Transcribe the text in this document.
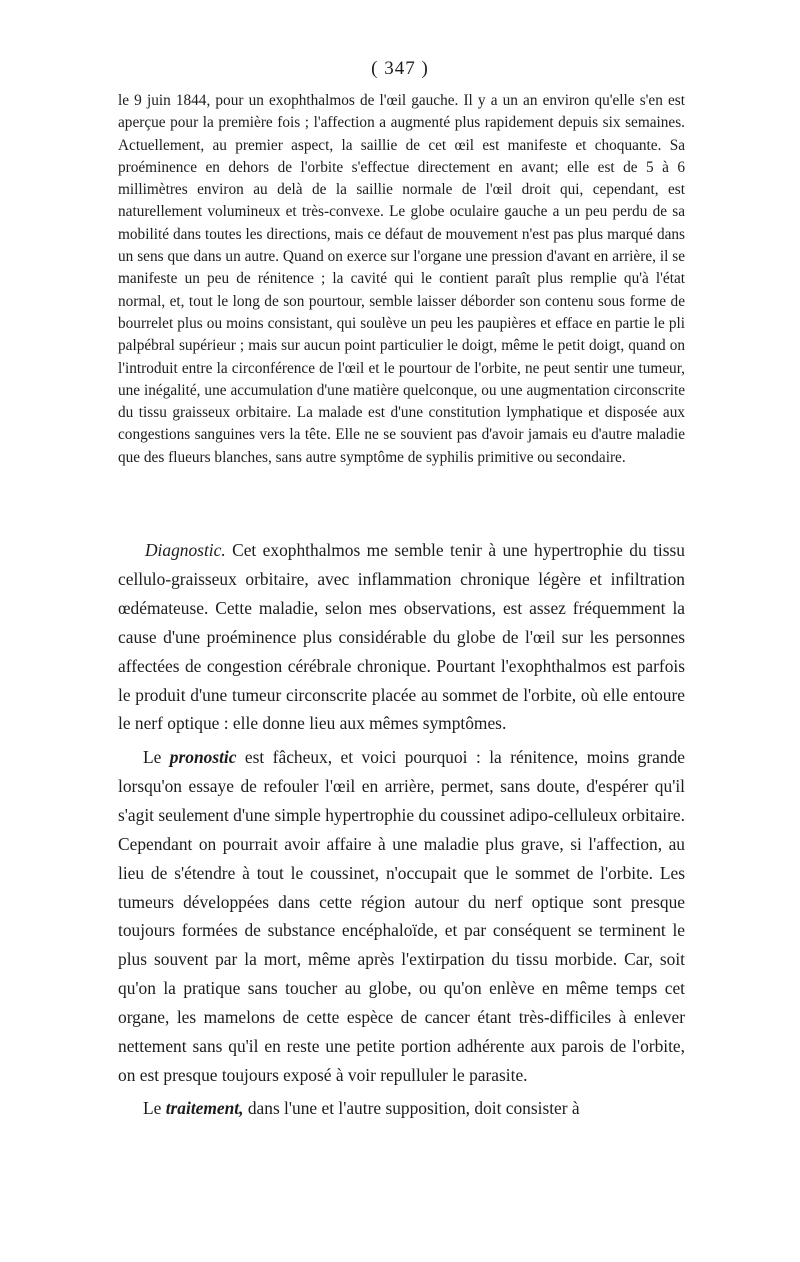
( 347 )

le 9 juin 1844, pour un exophthalmos de l'œil gauche. Il y a un an environ qu'elle s'en est aperçue pour la première fois ; l'affection a augmenté plus rapidement depuis six semaines. Actuellement, au premier aspect, la saillie de cet œil est manifeste et choquante. Sa proéminence en dehors de l'orbite s'effectue directement en avant; elle est de 5 à 6 millimètres environ au delà de la saillie normale de l'œil droit qui, cependant, est naturellement volumineux et très-convexe. Le globe oculaire gauche a un peu perdu de sa mobilité dans toutes les directions, mais ce défaut de mouvement n'est pas plus marqué dans un sens que dans un autre. Quand on exerce sur l'organe une pression d'avant en arrière, il se manifeste un peu de rénitence ; la cavité qui le contient paraît plus remplie qu'à l'état normal, et, tout le long de son pourtour, semble laisser déborder son contenu sous forme de bourrelet plus ou moins consistant, qui soulève un peu les paupières et efface en partie le pli palpébral supérieur ; mais sur aucun point particulier le doigt, même le petit doigt, quand on l'introduit entre la circonférence de l'œil et le pourtour de l'orbite, ne peut sentir une tumeur, une inégalité, une accumulation d'une matière quelconque, ou une augmentation circonscrite du tissu graisseux orbitaire. La malade est d'une constitution lymphatique et disposée aux congestions sanguines vers la tête. Elle ne se souvient pas d'avoir jamais eu d'autre maladie que des flueurs blanches, sans autre symptôme de syphilis primitive ou secondaire.

Diagnostic. Cet exophthalmos me semble tenir à une hypertrophie du tissu cellulo-graisseux orbitaire, avec inflammation chronique légère et infiltration œdémateuse. Cette maladie, selon mes observations, est assez fréquemment la cause d'une proéminence plus considérable du globe de l'œil sur les personnes affectées de congestion cérébrale chronique. Pourtant l'exophthalmos est parfois le produit d'une tumeur circonscrite placée au sommet de l'orbite, où elle entoure le nerf optique : elle donne lieu aux mêmes symptômes.

Le pronostic est fâcheux, et voici pourquoi : la rénitence, moins grande lorsqu'on essaye de refouler l'œil en arrière, permet, sans doute, d'espérer qu'il s'agit seulement d'une simple hypertrophie du coussinet adipo-celluleux orbitaire. Cependant on pourrait avoir affaire à une maladie plus grave, si l'affection, au lieu de s'étendre à tout le coussinet, n'occupait que le sommet de l'orbite. Les tumeurs développées dans cette région autour du nerf optique sont presque toujours formées de substance encéphaloïde, et par conséquent se terminent le plus souvent par la mort, même après l'extirpation du tissu morbide. Car, soit qu'on la pratique sans toucher au globe, ou qu'on enlève en même temps cet organe, les mamelons de cette espèce de cancer étant très-difficiles à enlever nettement sans qu'il en reste une petite portion adhérente aux parois de l'orbite, on est presque toujours exposé à voir repulluler le parasite.

Le traitement, dans l'une et l'autre supposition, doit consister à
